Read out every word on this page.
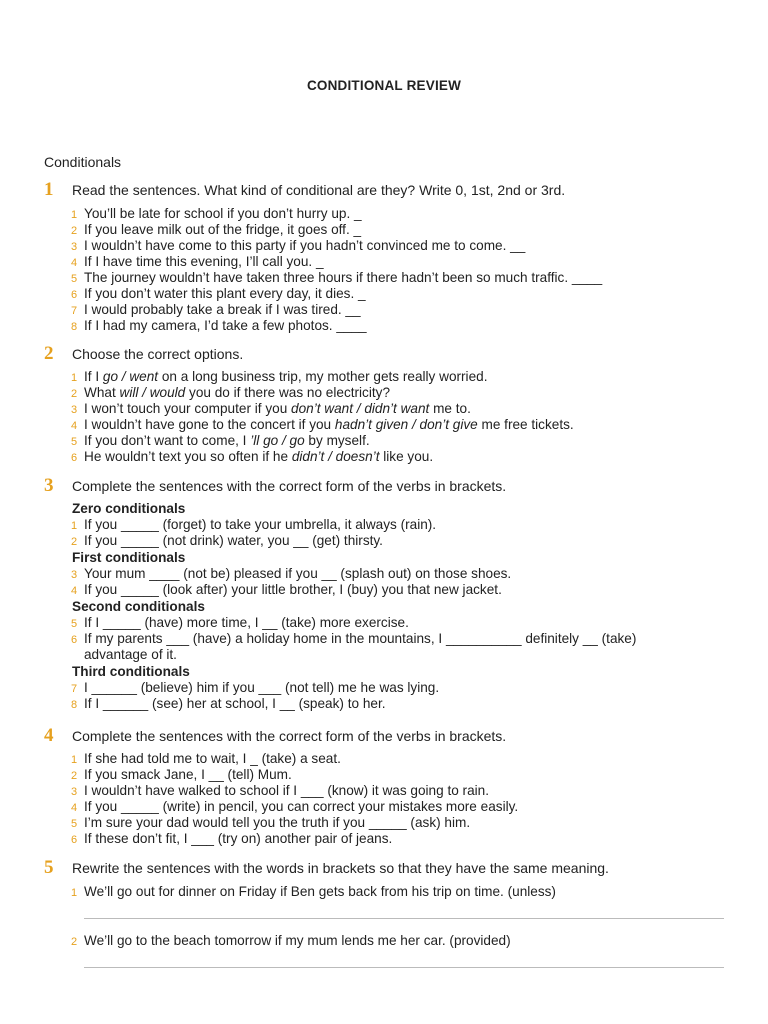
CONDITIONAL REVIEW
Conditionals
1 Read the sentences. What kind of conditional are they? Write 0, 1st, 2nd or 3rd.
1 You’ll be late for school if you don’t hurry up. _
2 If you leave milk out of the fridge, it goes off. _
3 I wouldn’t have come to this party if you hadn’t convinced me to come. __
4 If I have time this evening, I’ll call you. _
5 The journey wouldn’t have taken three hours if there hadn’t been so much traffic. ____
6 If you don’t water this plant every day, it dies. _
7 I would probably take a break if I was tired. __
8 If I had my camera, I’d take a few photos. ____
2 Choose the correct options.
1 If I go / went on a long business trip, my mother gets really worried.
2 What will / would you do if there was no electricity?
3 I won’t touch your computer if you don’t want / didn’t want me to.
4 I wouldn’t have gone to the concert if you hadn’t given / don’t give me free tickets.
5 If you don’t want to come, I ’ll go / go by myself.
6 He wouldn’t text you so often if he didn’t / doesn’t like you.
3 Complete the sentences with the correct form of the verbs in brackets.
Zero conditionals
1 If you _____ (forget) to take your umbrella, it always (rain).
2 If you _____ (not drink) water, you __ (get) thirsty.
First conditionals
3 Your mum ____ (not be) pleased if you __ (splash out) on those shoes.
4 If you _____ (look after) your little brother, I (buy) you that new jacket.
Second conditionals
5 If I _____ (have) more time, I __ (take) more exercise.
6 If my parents ___ (have) a holiday home in the mountains, I __________ definitely __ (take)
advantage of it.
Third conditionals
7 I ______ (believe) him if you ___ (not tell) me he was lying.
8 If I ______ (see) her at school, I __ (speak) to her.
4 Complete the sentences with the correct form of the verbs in brackets.
1 If she had told me to wait, I _ (take) a seat.
2 If you smack Jane, I __ (tell) Mum.
3 I wouldn’t have walked to school if I ___ (know) it was going to rain.
4 If you _____ (write) in pencil, you can correct your mistakes more easily.
5 I’m sure your dad would tell you the truth if you _____ (ask) him.
6 If these don’t fit, I ___ (try on) another pair of jeans.
5 Rewrite the sentences with the words in brackets so that they have the same meaning.
1 We’ll go out for dinner on Friday if Ben gets back from his trip on time. (unless)
2 We’ll go to the beach tomorrow if my mum lends me her car. (provided)
